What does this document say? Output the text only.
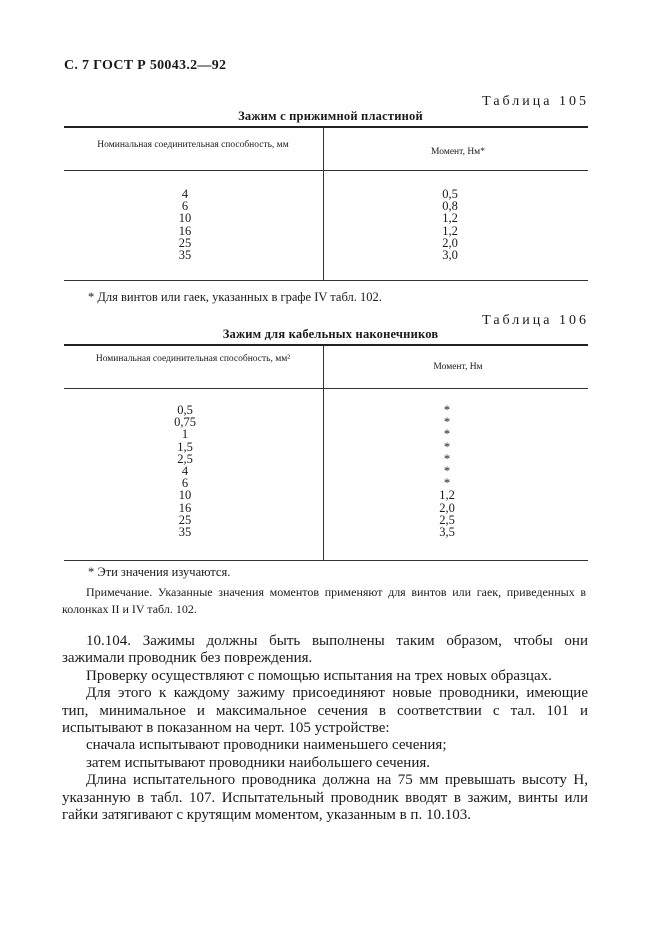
С. 7 ГОСТ Р 50043.2—92
Таблица 105
Зажим с прижимной пластиной
Номинальная соединительная способность, мм
Момент, Нм*
4
6
10
16
25
35
0,5
0,8
1,2
1,2
2,0
3,0
* Для винтов или гаек, указанных в графе IV табл. 102.
Таблица 106
Зажим для кабельных наконечников
Номинальная соединительная способность, мм²
Момент, Нм
0,5
0,75
1
1,5
2,5
4
6
10
16
25
35
*
*
*
*
*
*
*
1,2
2,0
2,5
3,5
* Эти значения изучаются.
Примечание. Указанные значения моментов применяют для винтов или гаек, приведенных в колонках II и IV табл. 102.

10.104. Зажимы должны быть выполнены таким образом, чтобы они зажимали проводник без повреждения.

Проверку осуществляют с помощью испытания на трех новых образцах.

Для этого к каждому зажиму присоединяют новые проводники, имеющие тип, минимальное и максимальное сечения в соответствии с тал. 101 и испытывают в показанном на черт. 105 устройстве:

сначала испытывают проводники наименьшего сечения;

затем испытывают проводники наибольшего сечения.

Длина испытательного проводника должна на 75 мм превышать высоту H, указанную в табл. 107. Испытательный проводник вводят в зажим, винты или гайки затягивают с крутящим моментом, указанным в п. 10.103.
